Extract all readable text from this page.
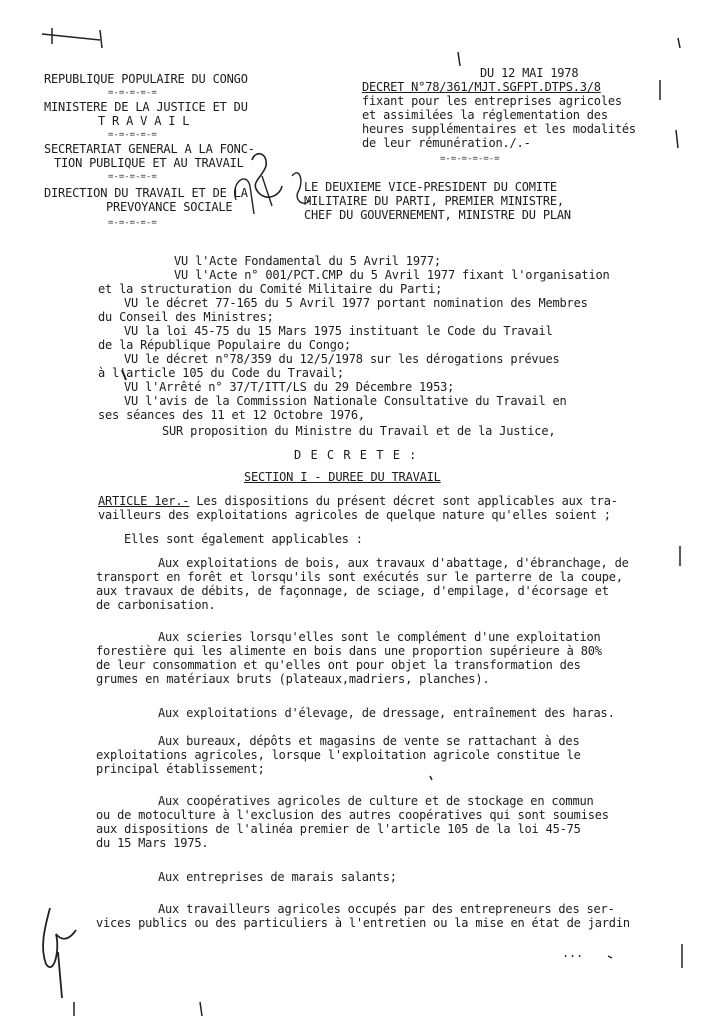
REPUBLIQUE POPULAIRE DU CONGO
=-=-=-=-=
MINISTERE DE LA JUSTICE ET DU
T R A V A I L
=-=-=-=-=
SECRETARIAT GENERAL A LA FONC-
TION PUBLIQUE ET AU TRAVAIL
=-=-=-=-=
DIRECTION DU TRAVAIL ET DE LA
PREVOYANCE SOCIALE
=-=-=-=-=
DU 12 MAI 1978
DECRET N°78/361/MJT.SGFPT.DTPS.3/8
fixant pour les entreprises agricoles
et assimilées la réglementation des
heures supplémentaires et les modalités
de leur rémunération./.-
=-=-=-=-=-=
LE DEUXIEME VICE-PRESIDENT DU COMITE
MILITAIRE DU PARTI, PREMIER MINISTRE,
CHEF DU GOUVERNEMENT, MINISTRE DU PLAN
VU l'Acte Fondamental du 5 Avril 1977;
VU l'Acte n° 001/PCT.CMP du 5 Avril 1977 fixant l'organisation
et la structuration du Comité Militaire du Parti;
VU le décret 77-165 du 5 Avril 1977 portant nomination des Membres
du Conseil des Ministres;
VU la loi 45-75 du 15 Mars 1975 instituant le Code du Travail
de la République Populaire du Congo;
VU le décret n°78/359 du 12/5/1978 sur les dérogations prévues
à l'article 105 du Code du Travail;
VU l'Arrêté n° 37/T/ITT/LS du 29 Décembre 1953;
VU l'avis de la Commission Nationale Consultative du Travail en
ses séances des 11 et 12 Octobre 1976,
SUR proposition du Ministre du Travail et de la Justice,
D E C R E T E :
SECTION I - DUREE DU TRAVAIL
ARTICLE 1er.- Les dispositions du présent décret sont applicables aux tra-
vailleurs des exploitations agricoles de quelque nature qu'elles soient ;
Elles sont également applicables :
Aux exploitations de bois, aux travaux d'abattage, d'ébranchage, de
transport en forêt et lorsqu'ils sont exécutés sur le parterre de la coupe,
aux travaux de débits, de façonnage, de sciage, d'empilage, d'écorsage et
de carbonisation.
Aux scieries lorsqu'elles sont le complément d'une exploitation
forestière qui les alimente en bois dans une proportion supérieure à 80%
de leur consommation et qu'elles ont pour objet la transformation des
grumes en matériaux bruts (plateaux,madriers, planches).
Aux exploitations d'élevage, de dressage, entraînement des haras.
Aux bureaux, dépôts et magasins de vente se rattachant à des
exploitations agricoles, lorsque l'exploitation agricole constitue le
principal établissement;
Aux coopératives agricoles de culture et de stockage en commun
ou de motoculture à l'exclusion des autres coopératives qui sont soumises
aux dispositions de l'alinéa premier de l'article 105 de la loi 45-75
du 15 Mars 1975.
Aux entreprises de marais salants;
Aux travailleurs agricoles occupés par des entrepreneurs des ser-
vices publics ou des particuliers à l'entretien ou la mise en état de jardin
...
